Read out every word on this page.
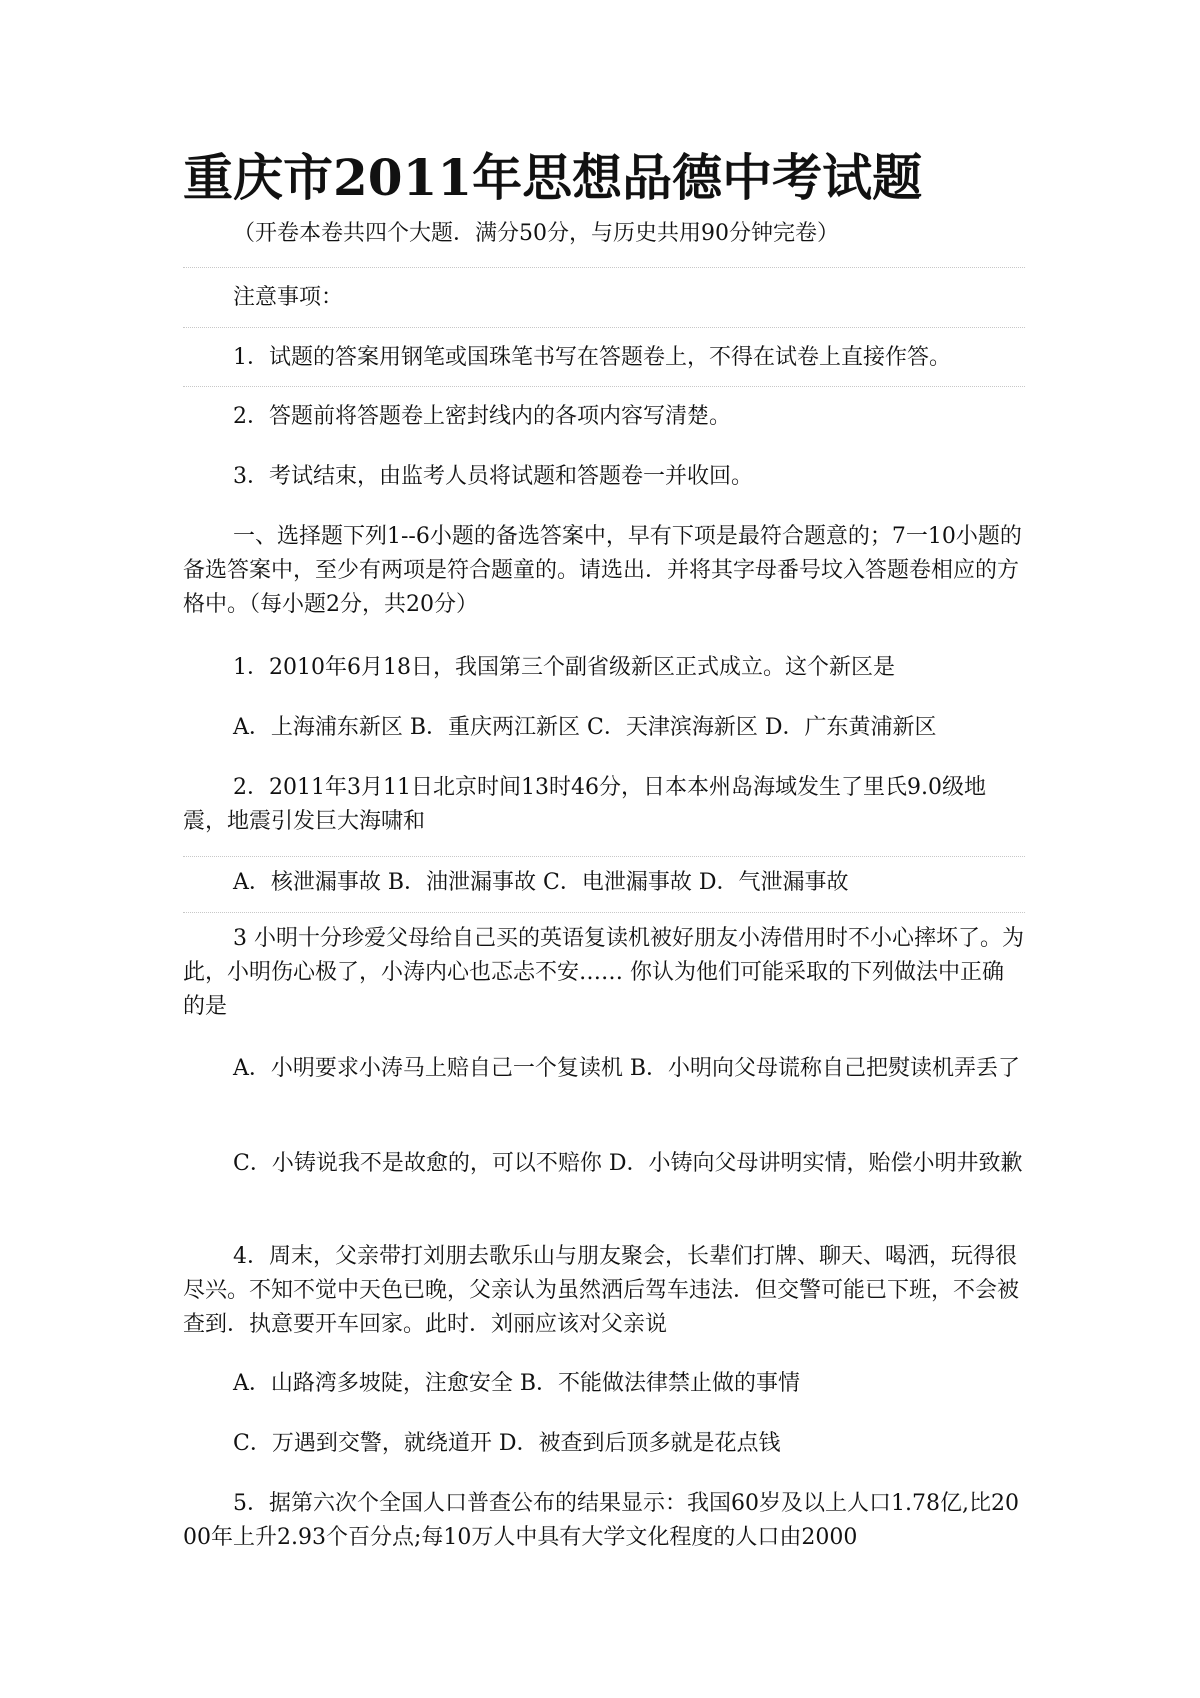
重庆市2011年思想品德中考试题

（开卷本卷共四个大题．满分50分，与历史共用90分钟完卷）

注意事项：

1．试题的答案用钢笔或国珠笔书写在答题卷上，不得在试卷上直接作答。

2．答题前将答题卷上密封线内的各项内容写清楚。

3．考试结束，由监考人员将试题和答题卷一并收回。

一、选择题下列1--6小题的备选答案中，早有下项是最符合题意的；7一10小题的备选答案中，至少有两项是符合题童的。请选出．并将其字母番号坟入答题卷相应的方格中。（每小题2分，共20分）

1．2010年6月18日，我国第三个副省级新区正式成立。这个新区是

A．上海浦东新区 B．重庆两江新区 C．天津滨海新区 D．广东黄浦新区

2．2011年3月11日北京时间13时46分，日本本州岛海域发生了里氏9.0级地震，地震引发巨大海啸和

A．核泄漏事故 B．油泄漏事故 C．电泄漏事故 D．气泄漏事故

3 小明十分珍爱父母给自己买的英语复读机被好朋友小涛借用时不小心摔坏了。为此，小明伤心极了，小涛内心也忑忐不安…… 你认为他们可能采取的下列做法中正确的是

A．小明要求小涛马上赔自己一个复读机 B．小明向父母谎称自己把熨读机弄丢了

C．小铸说我不是故愈的，可以不赔你 D．小铸向父母讲明实情，贻偿小明井致歉

4．周末，父亲带打刘朋去歌乐山与朋友聚会，长辈们打牌、聊天、喝洒，玩得很尽兴。不知不觉中天色已晚，父亲认为虽然洒后驾车违法．但交警可能已下班，不会被查到．执意要开车回家。此时．刘丽应该对父亲说

A．山路湾多坡陡，注愈安全 B．不能做法律禁止做的事情

C．万遇到交警，就绕道开 D．被查到后顶多就是花点钱

5．据第六次个全国人口普查公布的结果显示：我国60岁及以上人口1.78亿,比2000年上升2.93个百分点;每10万人中具有大学文化程度的人口由2000
